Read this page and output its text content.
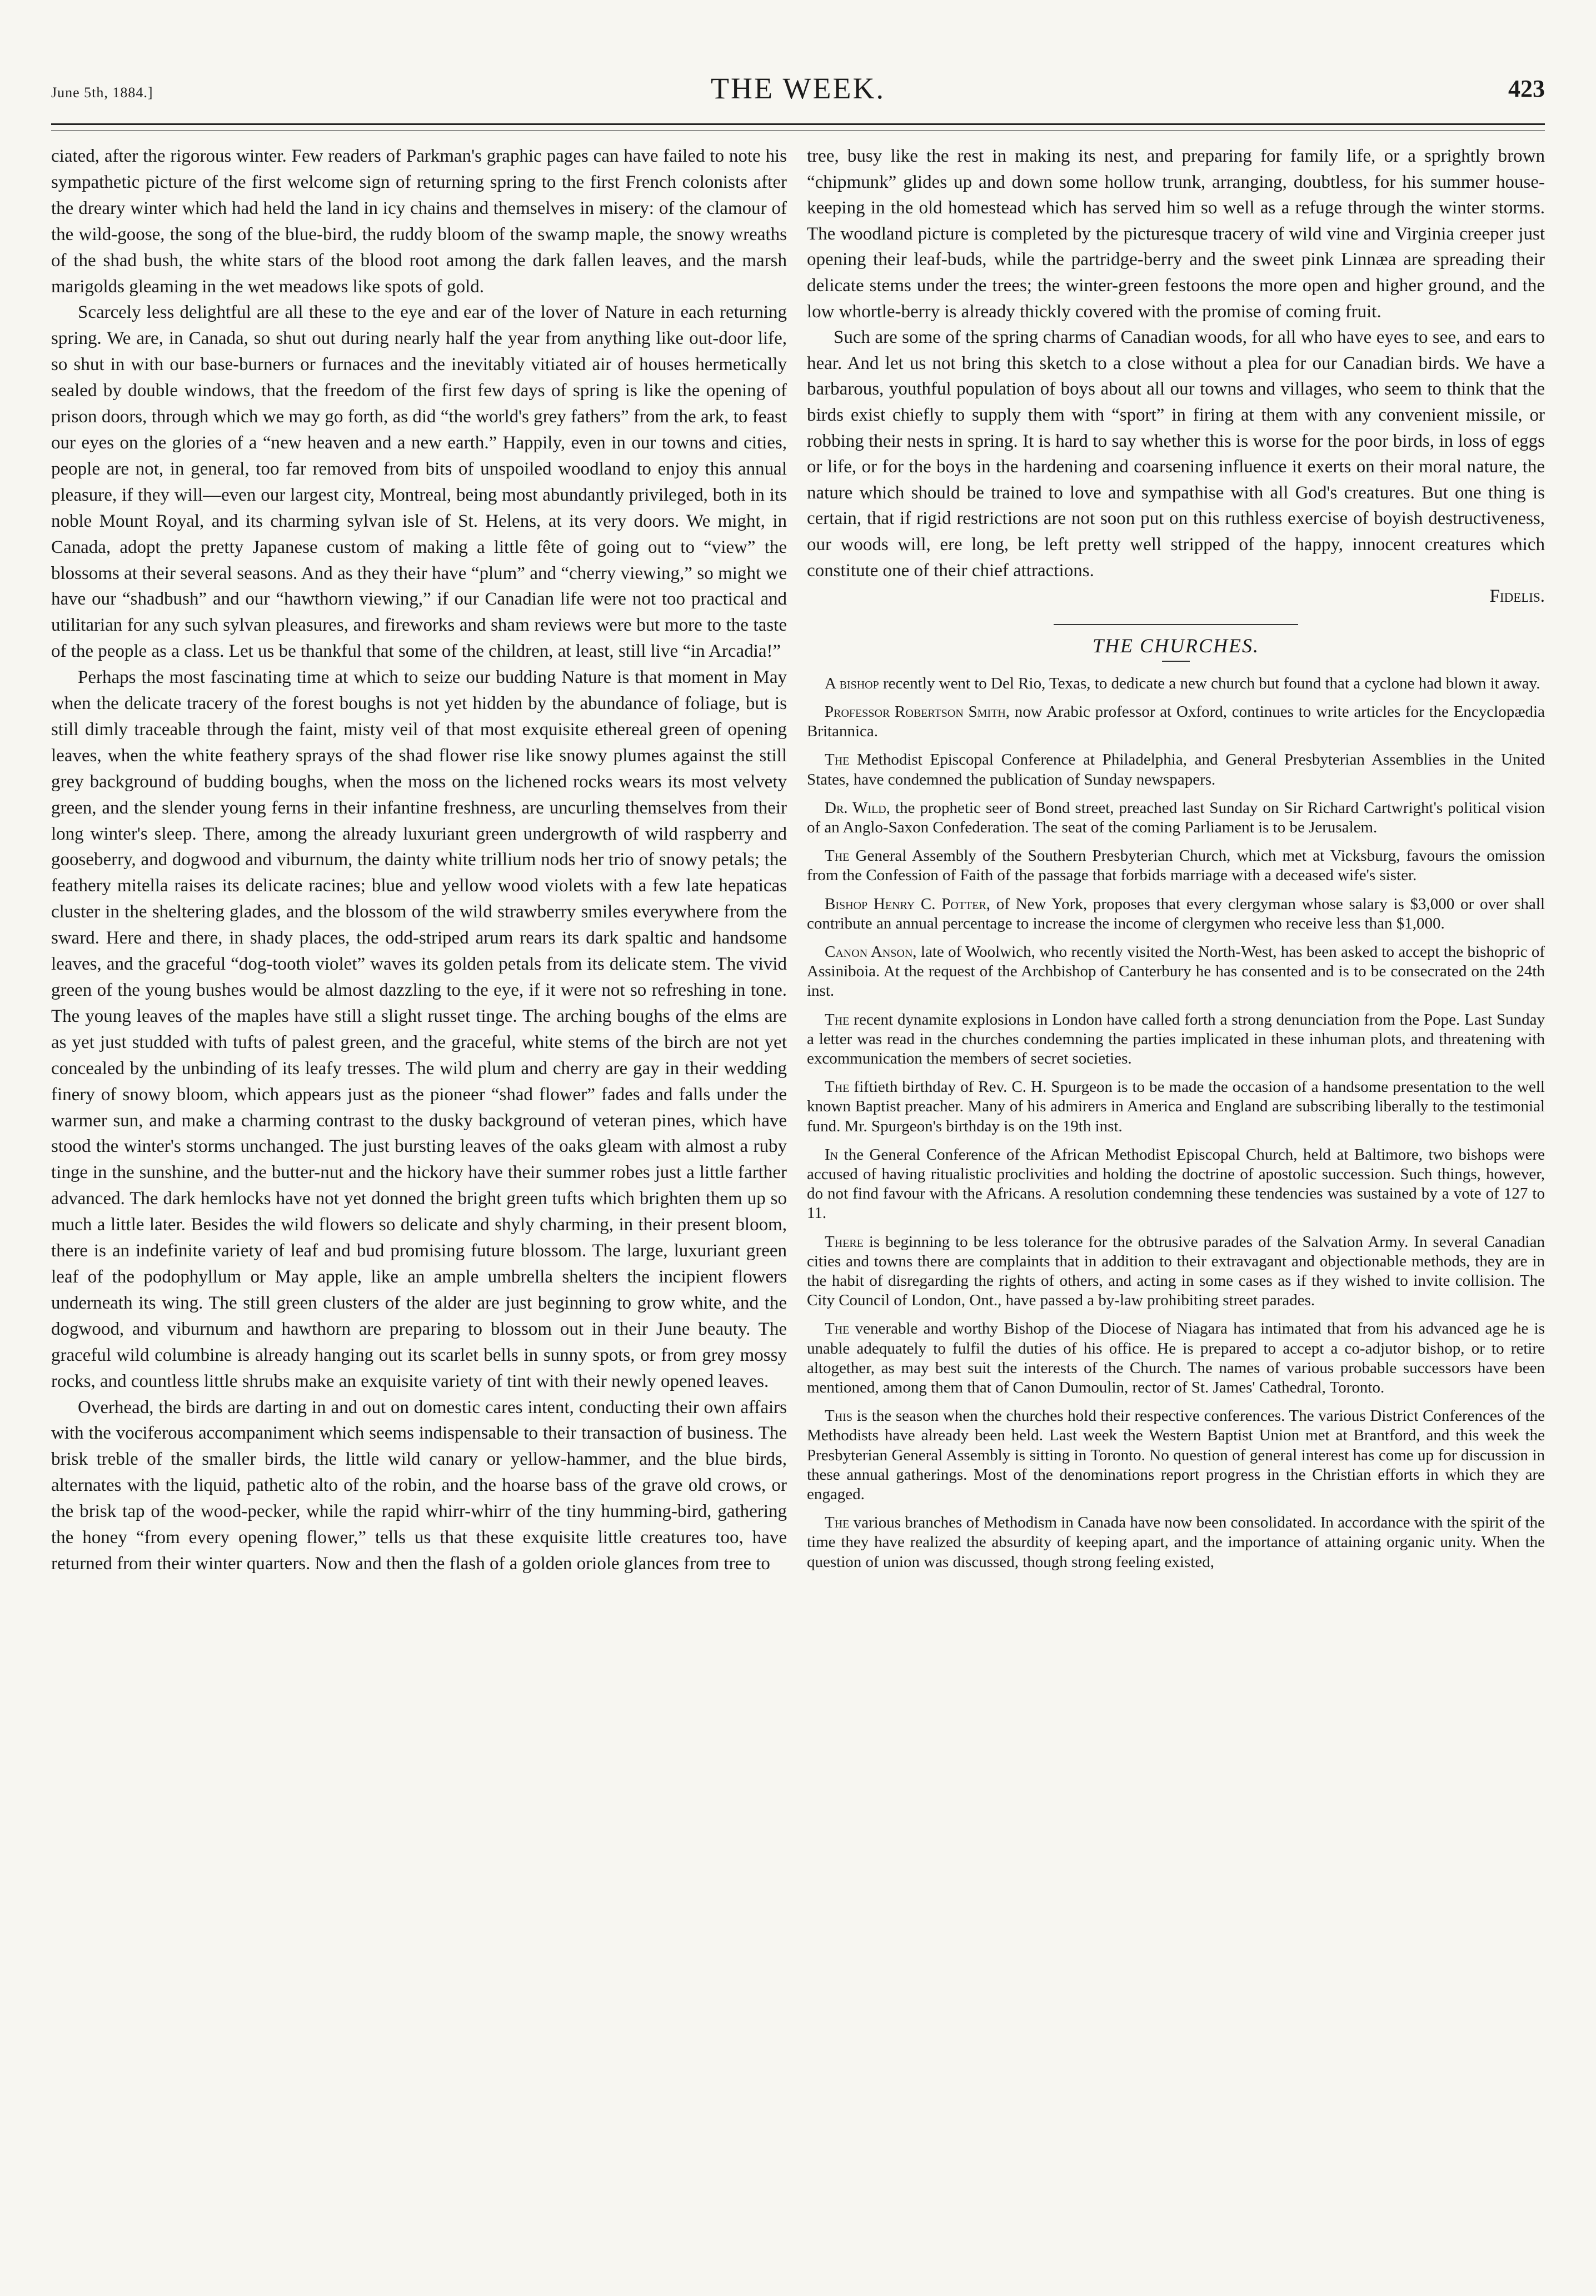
June 5th, 1884.]	THE WEEK.	423

ciated, after the rigorous winter. Few readers of Parkman's graphic pages can have failed to note his sympathetic picture of the first welcome sign of returning spring to the first French colonists after the dreary winter which had held the land in icy chains and themselves in misery: of the clamour of the wild-goose, the song of the blue-bird, the ruddy bloom of the swamp maple, the snowy wreaths of the shad bush, the white stars of the blood root among the dark fallen leaves, and the marsh marigolds gleaming in the wet meadows like spots of gold.

Scarcely less delightful are all these to the eye and ear of the lover of Nature in each returning spring. We are, in Canada, so shut out during nearly half the year from anything like out-door life, so shut in with our base-burners or furnaces and the inevitably vitiated air of houses hermetically sealed by double windows, that the freedom of the first few days of spring is like the opening of prison doors, through which we may go forth, as did “the world's grey fathers” from the ark, to feast our eyes on the glories of a “new heaven and a new earth.” Happily, even in our towns and cities, people are not, in general, too far removed from bits of unspoiled woodland to enjoy this annual pleasure, if they will—even our largest city, Montreal, being most abundantly privileged, both in its noble Mount Royal, and its charming sylvan isle of St. Helens, at its very doors. We might, in Canada, adopt the pretty Japanese custom of making a little fête of going out to “view” the blossoms at their several seasons. And as they their have “plum” and “cherry viewing,” so might we have our “shadbush” and our “hawthorn viewing,” if our Canadian life were not too practical and utilitarian for any such sylvan pleasures, and fireworks and sham reviews were but more to the taste of the people as a class. Let us be thankful that some of the children, at least, still live “in Arcadia!”

Perhaps the most fascinating time at which to seize our budding Nature is that moment in May when the delicate tracery of the forest boughs is not yet hidden by the abundance of foliage, but is still dimly traceable through the faint, misty veil of that most exquisite ethereal green of opening leaves, when the white feathery sprays of the shad flower rise like snowy plumes against the still grey background of budding boughs, when the moss on the lichened rocks wears its most velvety green, and the slender young ferns in their infantine freshness, are uncurling themselves from their long winter's sleep. There, among the already luxuriant green undergrowth of wild raspberry and gooseberry, and dogwood and viburnum, the dainty white trillium nods her trio of snowy petals; the feathery mitella raises its delicate racines; blue and yellow wood violets with a few late hepaticas cluster in the sheltering glades, and the blossom of the wild strawberry smiles everywhere from the sward. Here and there, in shady places, the odd-striped arum rears its dark spaltic and handsome leaves, and the graceful “dog-tooth violet” waves its golden petals from its delicate stem. The vivid green of the young bushes would be almost dazzling to the eye, if it were not so refreshing in tone. The young leaves of the maples have still a slight russet tinge. The arching boughs of the elms are as yet just studded with tufts of palest green, and the graceful, white stems of the birch are not yet concealed by the unbinding of its leafy tresses. The wild plum and cherry are gay in their wedding finery of snowy bloom, which appears just as the pioneer “shad flower” fades and falls under the warmer sun, and make a charming contrast to the dusky background of veteran pines, which have stood the winter's storms unchanged. The just bursting leaves of the oaks gleam with almost a ruby tinge in the sunshine, and the butter-nut and the hickory have their summer robes just a little farther advanced. The dark hemlocks have not yet donned the bright green tufts which brighten them up so much a little later. Besides the wild flowers so delicate and shyly charming, in their present bloom, there is an indefinite variety of leaf and bud promising future blossom. The large, luxuriant green leaf of the podophyllum or May apple, like an ample umbrella shelters the incipient flowers underneath its wing. The still green clusters of the alder are just beginning to grow white, and the dogwood, and viburnum and hawthorn are preparing to blossom out in their June beauty. The graceful wild columbine is already hanging out its scarlet bells in sunny spots, or from grey mossy rocks, and countless little shrubs make an exquisite variety of tint with their newly opened leaves.

Overhead, the birds are darting in and out on domestic cares intent, conducting their own affairs with the vociferous accompaniment which seems indispensable to their transaction of business. The brisk treble of the smaller birds, the little wild canary or yellow-hammer, and the blue birds, alternates with the liquid, pathetic alto of the robin, and the hoarse bass of the grave old crows, or the brisk tap of the wood-pecker, while the rapid whirr-whirr of the tiny humming-bird, gathering the honey “from every opening flower,” tells us that these exquisite little creatures too, have returned from their winter quarters. Now and then the flash of a golden oriole glances from tree to

tree, busy like the rest in making its nest, and preparing for family life, or a sprightly brown “chipmunk” glides up and down some hollow trunk, arranging, doubtless, for his summer house-keeping in the old homestead which has served him so well as a refuge through the winter storms. The woodland picture is completed by the picturesque tracery of wild vine and Virginia creeper just opening their leaf-buds, while the partridge-berry and the sweet pink Linnæa are spreading their delicate stems under the trees; the winter-green festoons the more open and higher ground, and the low whortle-berry is already thickly covered with the promise of coming fruit.

Such are some of the spring charms of Canadian woods, for all who have eyes to see, and ears to hear. And let us not bring this sketch to a close without a plea for our Canadian birds. We have a barbarous, youthful population of boys about all our towns and villages, who seem to think that the birds exist chiefly to supply them with “sport” in firing at them with any convenient missile, or robbing their nests in spring. It is hard to say whether this is worse for the poor birds, in loss of eggs or life, or for the boys in the hardening and coarsening influence it exerts on their moral nature, the nature which should be trained to love and sympathise with all God's creatures. But one thing is certain, that if rigid restrictions are not soon put on this ruthless exercise of boyish destructiveness, our woods will, ere long, be left pretty well stripped of the happy, innocent creatures which constitute one of their chief attractions.

Fidelis.
THE CHURCHES.

A bishop recently went to Del Rio, Texas, to dedicate a new church but found that a cyclone had blown it away.

Professor Robertson Smith, now Arabic professor at Oxford, continues to write articles for the Encyclopædia Britannica.

The Methodist Episcopal Conference at Philadelphia, and General Presbyterian Assemblies in the United States, have condemned the publication of Sunday newspapers.

Dr. Wild, the prophetic seer of Bond street, preached last Sunday on Sir Richard Cartwright's political vision of an Anglo-Saxon Confederation. The seat of the coming Parliament is to be Jerusalem.

The General Assembly of the Southern Presbyterian Church, which met at Vicksburg, favours the omission from the Confession of Faith of the passage that forbids marriage with a deceased wife's sister.

Bishop Henry C. Potter, of New York, proposes that every clergyman whose salary is $3,000 or over shall contribute an annual percentage to increase the income of clergymen who receive less than $1,000.

Canon Anson, late of Woolwich, who recently visited the North-West, has been asked to accept the bishopric of Assiniboia. At the request of the Archbishop of Canterbury he has consented and is to be consecrated on the 24th inst.

The recent dynamite explosions in London have called forth a strong denunciation from the Pope. Last Sunday a letter was read in the churches condemning the parties implicated in these inhuman plots, and threatening with excommunication the members of secret societies.

The fiftieth birthday of Rev. C. H. Spurgeon is to be made the occasion of a handsome presentation to the well known Baptist preacher. Many of his admirers in America and England are subscribing liberally to the testimonial fund. Mr. Spurgeon's birthday is on the 19th inst.

In the General Conference of the African Methodist Episcopal Church, held at Baltimore, two bishops were accused of having ritualistic proclivities and holding the doctrine of apostolic succession. Such things, however, do not find favour with the Africans. A resolution condemning these tendencies was sustained by a vote of 127 to 11.

There is beginning to be less tolerance for the obtrusive parades of the Salvation Army. In several Canadian cities and towns there are complaints that in addition to their extravagant and objectionable methods, they are in the habit of disregarding the rights of others, and acting in some cases as if they wished to invite collision. The City Council of London, Ont., have passed a by-law prohibiting street parades.

The venerable and worthy Bishop of the Diocese of Niagara has intimated that from his advanced age he is unable adequately to fulfil the duties of his office. He is prepared to accept a co-adjutor bishop, or to retire altogether, as may best suit the interests of the Church. The names of various probable successors have been mentioned, among them that of Canon Dumoulin, rector of St. James' Cathedral, Toronto.

This is the season when the churches hold their respective conferences. The various District Conferences of the Methodists have already been held. Last week the Western Baptist Union met at Brantford, and this week the Presbyterian General Assembly is sitting in Toronto. No question of general interest has come up for discussion in these annual gatherings. Most of the denominations report progress in the Christian efforts in which they are engaged.

The various branches of Methodism in Canada have now been consolidated. In accordance with the spirit of the time they have realized the absurdity of keeping apart, and the importance of attaining organic unity. When the question of union was discussed, though strong feeling existed,
